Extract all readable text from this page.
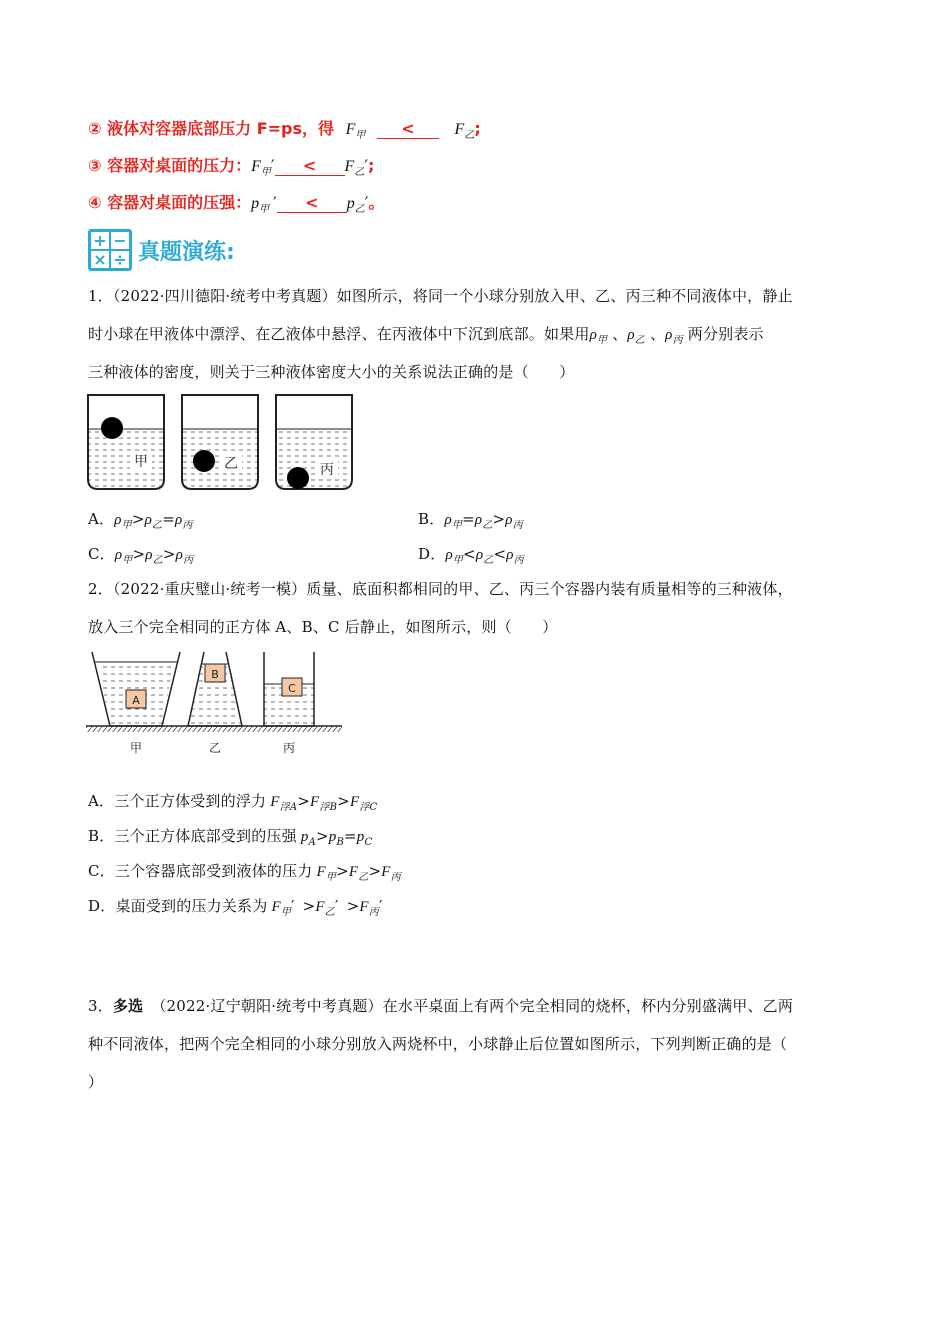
② 液体对容器底部压力 F=ps，得 $F_甲 < F_乙$;
③ 容器对桌面的压力：$F_甲' < F_乙'$;
④ 容器对桌面的压强：$p_甲$ ′ < $p_乙'$。
+ −
× ÷ 真题演练:
1．（2022·四川德阳·统考中考真题）如图所示，将同一个小球分别放入甲、乙、丙三种不同液体中，静止
时小球在甲液体中漂浮、在乙液体中悬浮、在丙液体中下沉到底部。如果用$\rho_甲$ 、$\rho_乙$ 、$\rho_丙$ 两分别表示
三种液体的密度，则关于三种液体密度大小的关系说法正确的是（　　）
甲	乙	丙
A．$\rho_甲>\rho_乙=\rho_丙$	B．$\rho_甲=\rho_乙>\rho_丙$
C．$\rho_甲>\rho_乙>\rho_丙$	D．$\rho_甲<\rho_乙<\rho_丙$
2．（2022·重庆璧山·统考一模）质量、底面积都相同的甲、乙、丙三个容器内装有质量相等的三种液体，
放入三个完全相同的正方体 A、B、C 后静止，如图所示，则（　　）
A
B
C
甲	乙	丙
A．三个正方体受到的浮力 $F_{浮A}>F_{浮B}>F_{浮C}$
B．三个正方体底部受到的压强 $p_A>p_B=p_C$
C．三个容器底部受到液体的压力 $F_甲>F_乙>F_丙$
D．桌面受到的压力关系为 $F_甲' >F_乙' >F_丙'$
3．多选 （2022·辽宁朝阳·统考中考真题）在水平桌面上有两个完全相同的烧杯，杯内分别盛满甲、乙两
种不同液体，把两个完全相同的小球分别放入两烧杯中，小球静止后位置如图所示，下列判断正确的是（
）
